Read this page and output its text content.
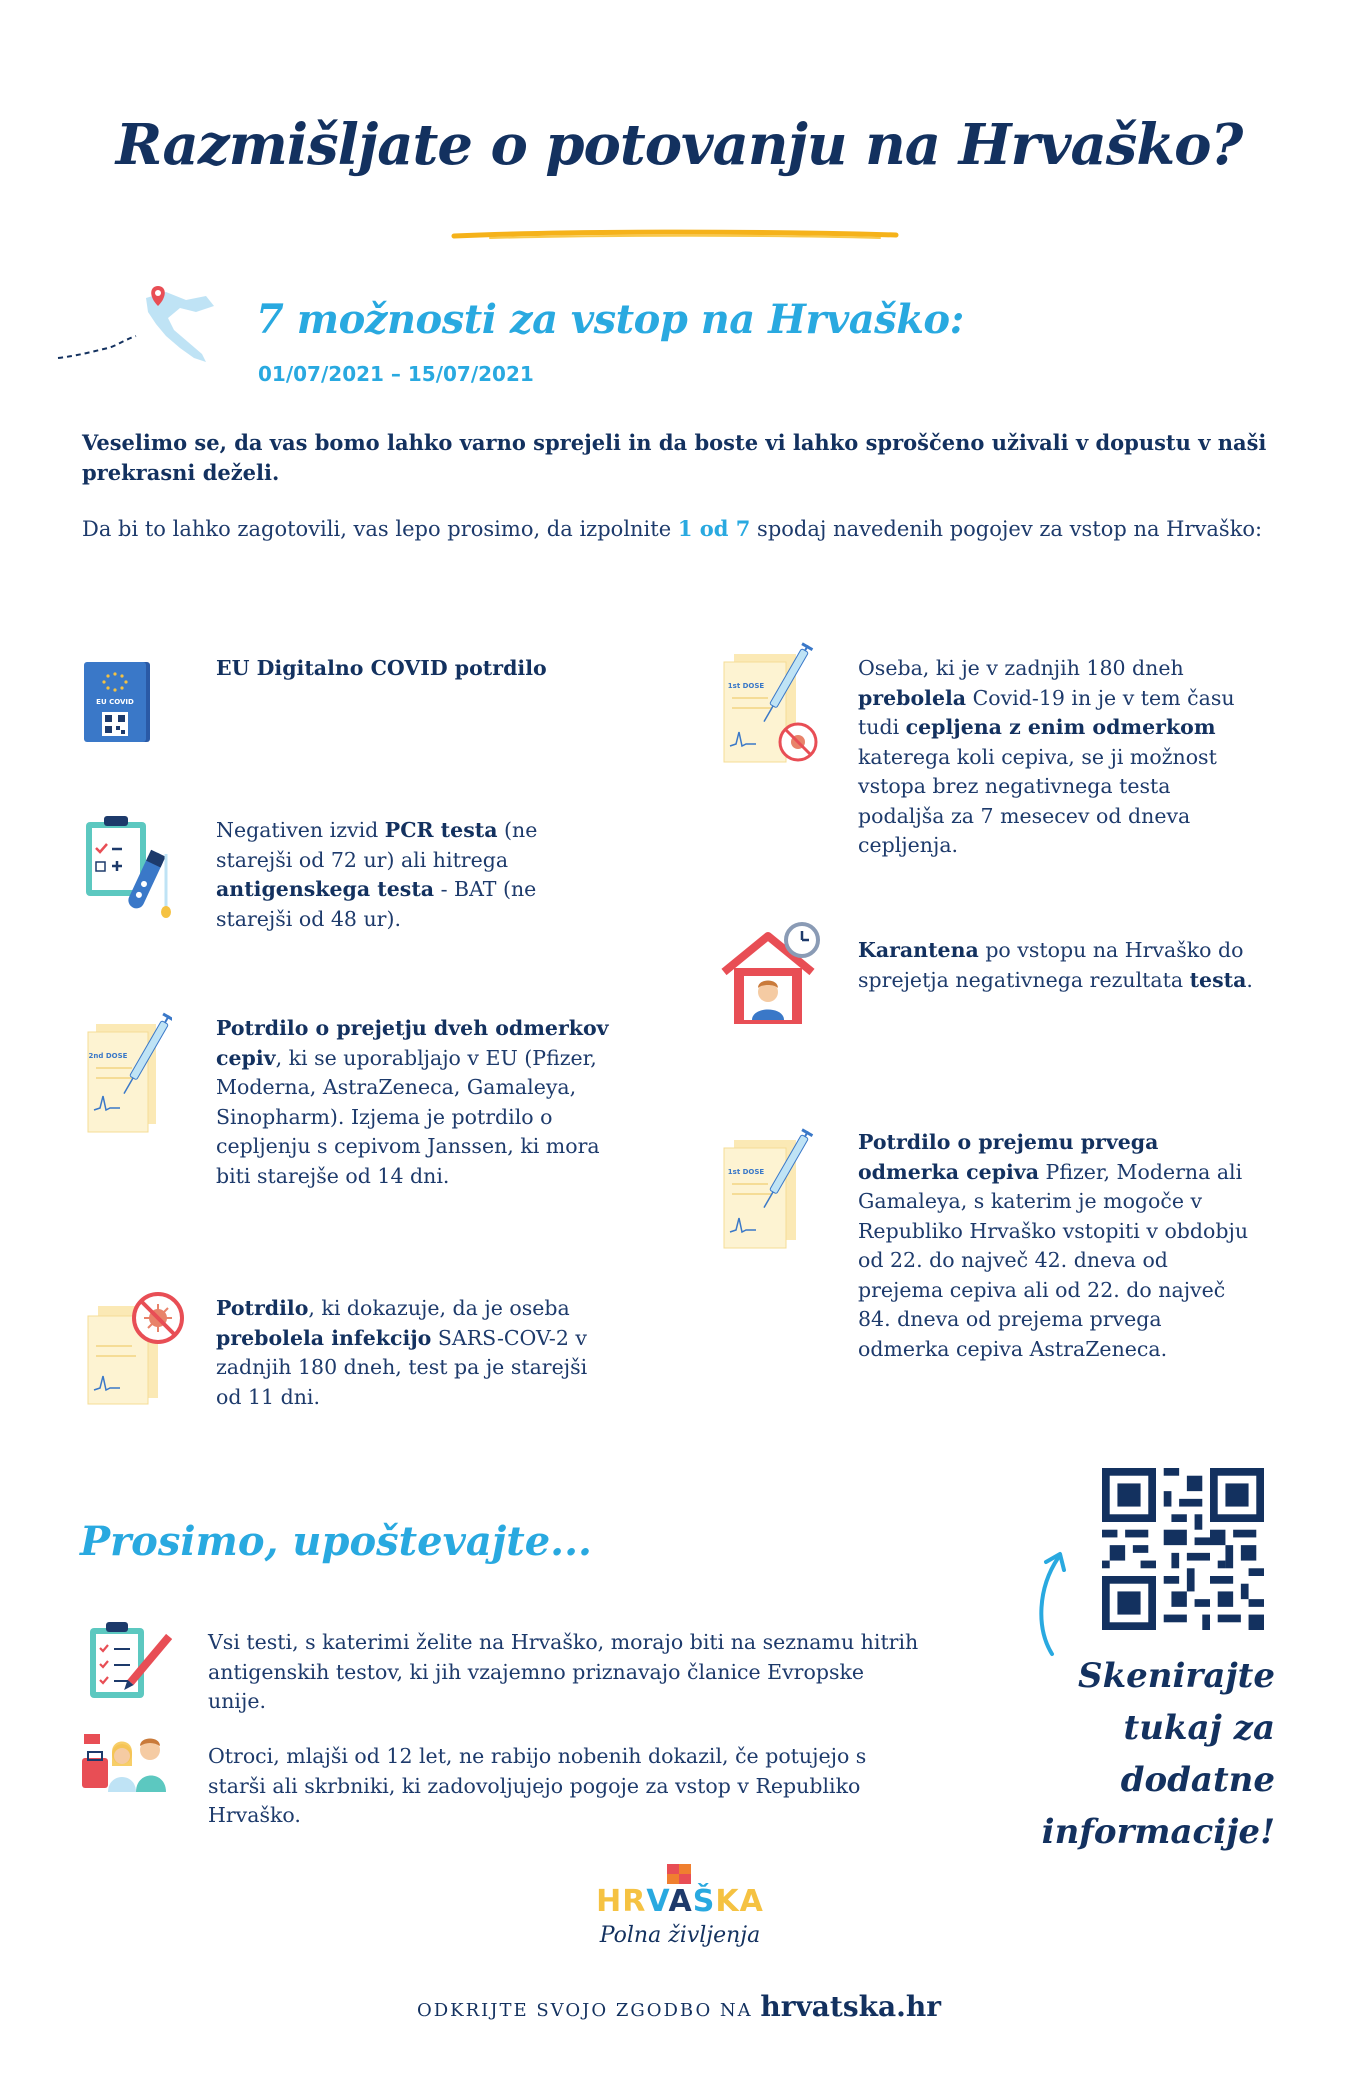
Razmišljate o potovanju na Hrvaško?
7 možnosti za vstop na Hrvaško:
01/07/2021 – 15/07/2021
Veselimo se, da vas bomo lahko varno sprejeli in da boste vi lahko sproščeno uživali v dopustu v naši prekrasni deželi.
Da bi to lahko zagotovili, vas lepo prosimo, da izpolnite 1 od 7 spodaj navedenih pogojev za vstop na Hrvaško:
EU COVID
EU Digitalno COVID potrdilo
Negativen izvid PCR testa (ne starejši od 72 ur) ali hitrega antigenskega testa - BAT (ne starejši od 48 ur).
2nd DOSE
Potrdilo o prejetju dveh odmerkov cepiv, ki se uporabljajo v EU (Pfizer, Moderna, AstraZeneca, Gamaleya, Sinopharm). Izjema je potrdilo o cepljenju s cepivom Janssen, ki mora biti starejše od 14 dni.
Potrdilo, ki dokazuje, da je oseba prebolela infekcijo SARS-COV-2 v zadnjih 180 dneh, test pa je starejši od 11 dni.
1st DOSE
Oseba, ki je v zadnjih 180 dneh prebolela Covid-19 in je v tem času tudi cepljena z enim odmerkom katerega koli cepiva, se ji možnost vstopa brez negativnega testa podaljša za 7 mesecev od dneva cepljenja.
Karantena po vstopu na Hrvaško do sprejetja negativnega rezultata testa.
1st DOSE
Potrdilo o prejemu prvega odmerka cepiva Pfizer, Moderna ali Gamaleya, s katerim je mogoče v Republiko Hrvaško vstopiti v obdobju od 22. do največ 42. dneva od prejema cepiva ali od 22. do največ 84. dneva od prejema prvega odmerka cepiva AstraZeneca.
Prosimo, upoštevajte...
Vsi testi, s katerimi želite na Hrvaško, morajo biti na seznamu hitrih antigenskih testov, ki jih vzajemno priznavajo članice Evropske unije.
Otroci, mlajši od 12 let, ne rabijo nobenih dokazil, če potujejo s starši ali skrbniki, ki zadovoljujejo pogoje za vstop v Republiko Hrvaško.
Skenirajte
tukaj za dodatne
informacije!
HRVAŠKA
Polna življenja
ODKRIJTE SVOJO ZGODBO NA hrvatska.hr
